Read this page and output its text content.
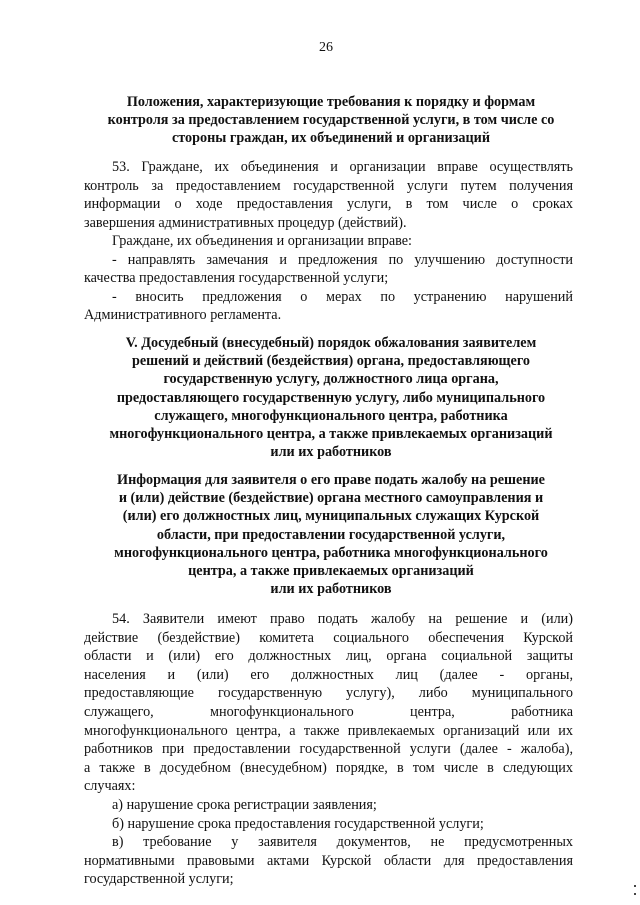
26
Положения, характеризующие требования к порядку и формам
контроля за предоставлением государственной услуги, в том числе со
стороны граждан, их объединений и организаций
53. Граждане, их объединения и организации вправе осуществлять
контроль за предоставлением государственной услуги путем получения
информации о ходе предоставления услуги, в том числе о сроках
завершения административных процедур (действий).
Граждане, их объединения и организации вправе:
- направлять замечания и предложения по улучшению доступности
качества предоставления государственной услуги;
- вносить предложения о мерах по устранению нарушений
Административного регламента.
V. Досудебный (внесудебный) порядок обжалования заявителем
решений и действий (бездействия) органа, предоставляющего
государственную услугу, должностного лица органа,
предоставляющего государственную услугу, либо муниципального
служащего, многофункционального центра, работника
многофункционального центра, а также привлекаемых организаций
или их работников
Информация для заявителя о его праве подать жалобу на решение
и (или) действие (бездействие) органа местного самоуправления и
(или) его должностных лиц, муниципальных служащих Курской
области, при предоставлении государственной услуги,
многофункционального центра, работника многофункционального
центра, а также привлекаемых организаций
или их работников
54. Заявители имеют право подать жалобу на решение и (или)
действие (бездействие) комитета социального обеспечения Курской
области и (или) его должностных лиц, органа социальной защиты
населения и (или) его должностных лиц (далее - органы,
предоставляющие государственную услугу), либо муниципального
служащего, многофункционального центра, работника
многофункционального центра, а также привлекаемых организаций или их
работников при предоставлении государственной услуги (далее - жалоба),
а также в досудебном (внесудебном) порядке, в том числе в следующих
случаях:
а) нарушение срока регистрации заявления;
б) нарушение срока предоставления государственной услуги;
в) требование у заявителя документов, не предусмотренных
нормативными правовыми актами Курской области для предоставления
государственной услуги;
